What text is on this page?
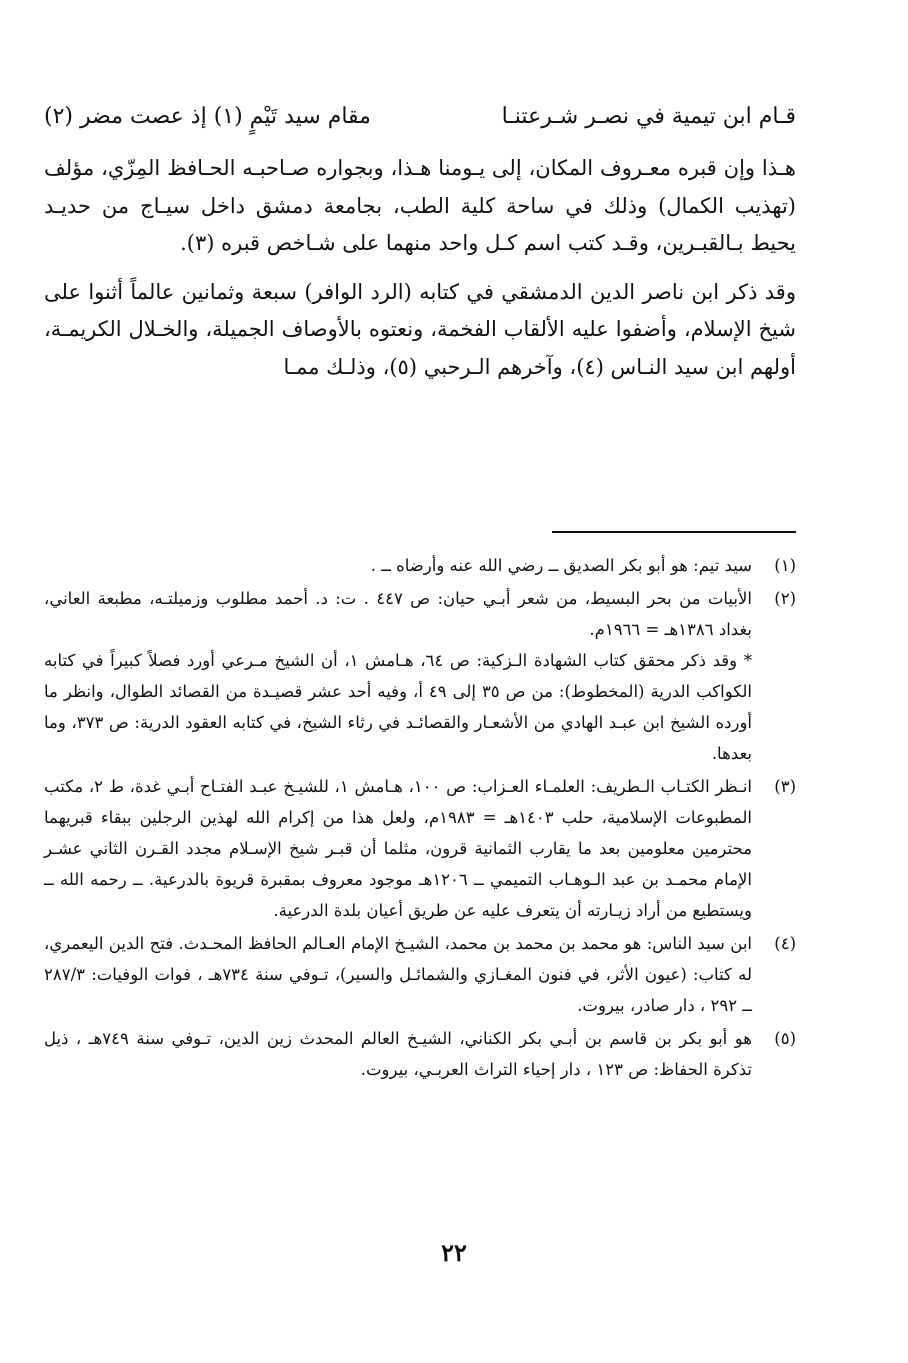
قـام ابن تيمية في نصـر شـرعتنـا
مقام سيد تَيْمٍ (١) إذ عصت مضر (٢)

هـذا وإن قبره معـروف المكان، إلى يـومنا هـذا، وبجواره صـاحبـه الحـافظ المِزّي، مؤلف (تهذيب الكمال) وذلك في ساحة كلية الطب، بجامعة دمشق داخل سيـاج من حديـد يحيط بـالقبـرين، وقـد كتب اسم كـل واحد منهما على شـاخص قبره (٣).

وقد ذكر ابن ناصر الدين الدمشقي في كتابه (الرد الوافر) سبعة وثمانين عالماً أثنوا على شيخ الإسلام، وأضفوا عليه الألقاب الفخمة، ونعتوه بالأوصاف الجميلة، والخـلال الكريمـة، أولهم ابن سيد النـاس (٤)، وآخرهم الـرحبي (٥)، وذلـك ممـا

(١)

سيد تيم: هو أبو بكر الصديق ــ رضي الله عنه وأرضاه ــ .

(٢)

الأبيات من بحر البسيط، من شعر أبـي حيان: ص ٤٤٧ . ت: د. أحمد مطلوب وزميلتـه، مطبعة العاني، بغداد ١٣٨٦هـ = ١٩٦٦م.

* وقد ذكر محقق كتاب الشهادة الـزكية: ص ٦٤، هـامش ١، أن الشيخ مـرعي أورد فصلاً كبيراً في كتابه الكواكب الدرية (المخطوط): من ص ٣٥ إلى ٤٩ أ، وفيه أحد عشر قصيـدة من القصائد الطوال، وانظر ما أورده الشيخ ابن عبـد الهادي من الأشعـار والقصائـد في رثاء الشيخ، في كتابه العقود الدرية: ص ٣٧٣، وما بعدها.

(٣)

انـظر الكتـاب الـطريف: العلمـاء العـزاب: ص ١٠٠، هـامش ١، للشيـخ عبـد الفتـاح أبـي غدة، ط ٢، مكتب المطبوعات الإسلامية، حلب ١٤٠٣هـ = ١٩٨٣م، ولعل هذا من إكرام الله لهذين الرجلين ببقاء قبريهما محترمين معلومين بعد ما يقارب الثمانية قرون، مثلما أن قبـر شيخ الإسـلام مجدد القـرن الثاني عشـر الإمام محمـد بن عبد الـوهـاب التميمي ــ ١٢٠٦هـ موجود معروف بمقبرة قريوة بالدرعية. ــ رحمه الله ــ ويستطيع من أراد زيـارته أن يتعرف عليه عن طريق أعيان بلدة الدرعية.

(٤)

ابن سيد الناس: هو محمد بن محمد بن محمد، الشيـخ الإمام العـالم الحافظ المحـدث. فتح الدين اليعمري، له كتاب: (عيون الأثر، في فنون المغـازي والشمائـل والسير)، تـوفي سنة ٧٣٤هـ ، فوات الوفيات: ٢٨٧/٣ ــ ٢٩٢ ، دار صادر، بيروت.

(٥)

هو أبو بكر بن قاسم بن أبـي بكر الكناني، الشيـخ العالم المحدث زين الدين، تـوفي سنة ٧٤٩هـ ، ذيل تذكرة الحفاظ: ص ١٢٣ ، دار إحياء التراث العربـي، بيروت.

٢٢
